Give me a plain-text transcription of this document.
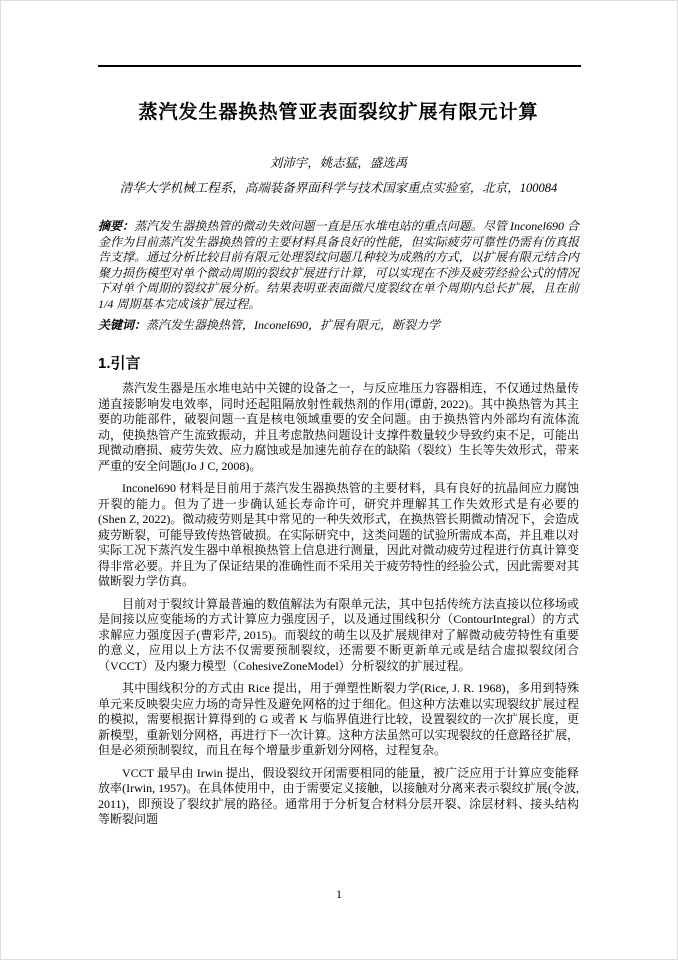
蒸汽发生器换热管亚表面裂纹扩展有限元计算
刘沛宇，姚志猛，盛选禹
清华大学机械工程系，高端装备界面科学与技术国家重点实验室，北京，100084

摘要：蒸汽发生器换热管的微动失效问题一直是压水堆电站的重点问题。尽管 Inconel690 合金作为目前蒸汽发生器换热管的主要材料具备良好的性能，但实际疲劳可靠性仍需有仿真报告支撑。通过分析比较目前有限元处理裂纹问题几种较为成熟的方式，以扩展有限元结合内聚力损伤模型对单个微动周期的裂纹扩展进行计算，可以实现在不涉及疲劳经验公式的情况下对单个周期的裂纹扩展分析。结果表明亚表面微尺度裂纹在单个周期内总长扩展，且在前 1/4 周期基本完成该扩展过程。

关键词：蒸汽发生器换热管，Inconel690，扩展有限元，断裂力学

1.引言

蒸汽发生器是压水堆电站中关键的设备之一，与反应堆压力容器相连，不仅通过热量传递直接影响发电效率，同时还起阻隔放射性载热剂的作用(谭蔚, 2022)。其中换热管为其主要的功能部件，破裂问题一直是核电领域重要的安全问题。由于换热管内外部均有流体流动，使换热管产生流致振动，并且考虑散热问题设计支撑件数量较少导致约束不足，可能出现微动磨损、疲劳失效、应力腐蚀或是加速先前存在的缺陷（裂纹）生长等失效形式，带来严重的安全问题(Jo J C, 2008)。

Inconel690 材料是目前用于蒸汽发生器换热管的主要材料，具有良好的抗晶间应力腐蚀开裂的能力。但为了进一步确认延长寿命许可，研究并理解其工作失效形式是有必要的(Shen Z, 2022)。微动疲劳则是其中常见的一种失效形式，在换热管长期微动情况下，会造成疲劳断裂，可能导致传热管破损。在实际研究中，这类问题的试验所需成本高，并且难以对实际工况下蒸汽发生器中单根换热管上信息进行测量，因此对微动疲劳过程进行仿真计算变得非常必要。并且为了保证结果的准确性而不采用关于疲劳特性的经验公式，因此需要对其做断裂力学仿真。

目前对于裂纹计算最普遍的数值解法为有限单元法，其中包括传统方法直接以位移场或是间接以应变能场的方式计算应力强度因子，以及通过围线积分（ContourIntegral）的方式求解应力强度因子(曹彩芹, 2015)。而裂纹的萌生以及扩展规律对了解微动疲劳特性有重要的意义，应用以上方法不仅需要预制裂纹，还需要不断更新单元或是结合虚拟裂纹闭合（VCCT）及内聚力模型（CohesiveZoneModel）分析裂纹的扩展过程。

其中围线积分的方式由 Rice 提出，用于弹塑性断裂力学(Rice, J. R. 1968)，多用到特殊单元来反映裂尖应力场的奇异性及避免网格的过于细化。但这种方法难以实现裂纹扩展过程的模拟，需要根据计算得到的 G 或者 K 与临界值进行比较，设置裂纹的一次扩展长度，更新模型，重新划分网格，再进行下一次计算。这种方法虽然可以实现裂纹的任意路径扩展，但是必须预制裂纹，而且在每个增量步重新划分网格，过程复杂。

VCCT 最早由 Irwin 提出，假设裂纹开闭需要相同的能量，被广泛应用于计算应变能释放率(Irwin, 1957)。在具体使用中，由于需要定义接触，以接触对分离来表示裂纹扩展(令波, 2011)，即预设了裂纹扩展的路径。通常用于分析复合材料分层开裂、涂层材料、接头结构等断裂问题

1
